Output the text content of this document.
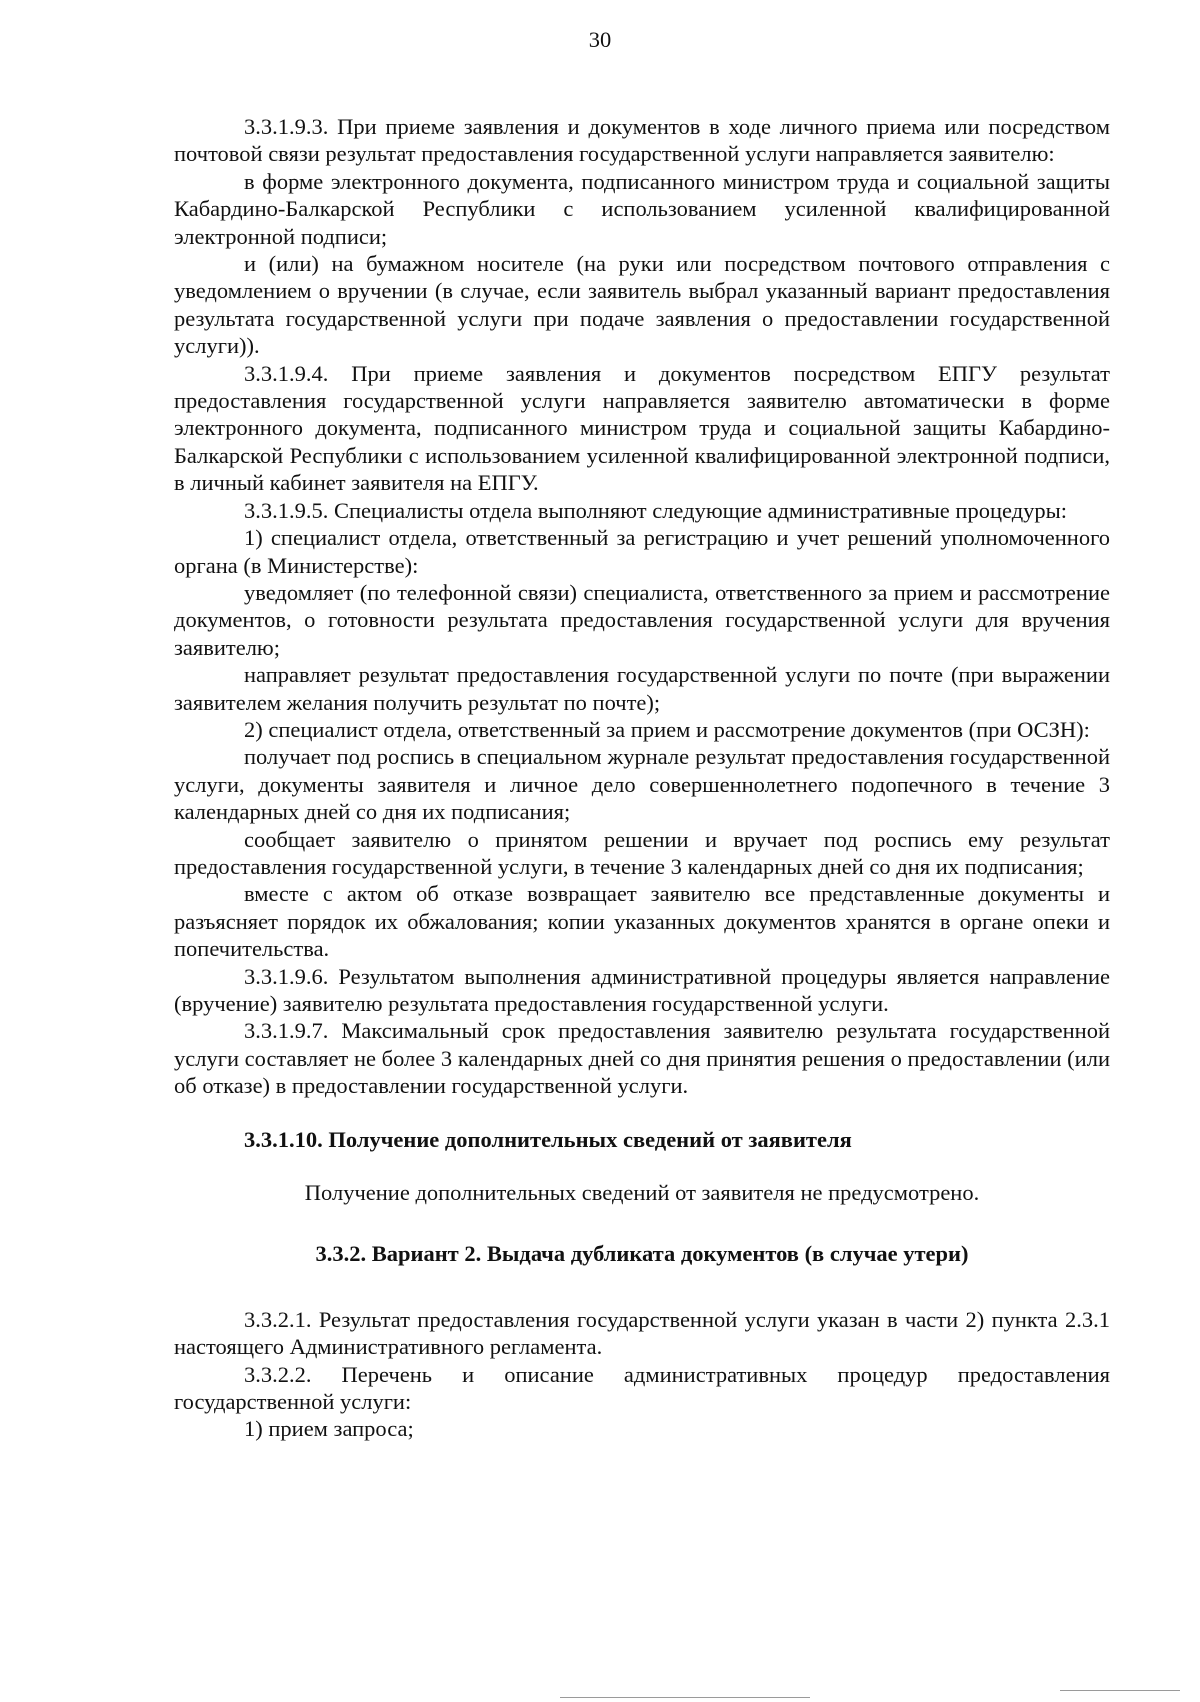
30

3.3.1.9.3. При приеме заявления и документов в ходе личного приема или посредством почтовой связи результат предоставления государственной услуги направляется заявителю:

в форме электронного документа, подписанного министром труда и социальной защиты Кабардино-Балкарской Республики с использованием усиленной квалифицированной электронной подписи;

и (или) на бумажном носителе (на руки или посредством почтового отправления с уведомлением о вручении (в случае, если заявитель выбрал указанный вариант предоставления результата государственной услуги при подаче заявления о предоставлении государственной услуги)).

3.3.1.9.4. При приеме заявления и документов посредством ЕПГУ результат предоставления государственной услуги направляется заявителю автоматически в форме электронного документа, подписанного министром труда и социальной защиты Кабардино-Балкарской Республики с использованием усиленной квалифицированной электронной подписи, в личный кабинет заявителя на ЕПГУ.

3.3.1.9.5. Специалисты отдела выполняют следующие административные процедуры:

1) специалист отдела, ответственный за регистрацию и учет решений уполномоченного органа (в Министерстве):

уведомляет (по телефонной связи) специалиста, ответственного за прием и рассмотрение документов, о готовности результата предоставления государственной услуги для вручения заявителю;

направляет результат предоставления государственной услуги по почте (при выражении заявителем желания получить результат по почте);

2) специалист отдела, ответственный за прием и рассмотрение документов (при ОСЗН):

получает под роспись в специальном журнале результат предоставления государственной услуги, документы заявителя и личное дело совершеннолетнего подопечного в течение 3 календарных дней со дня их подписания;

сообщает заявителю о принятом решении и вручает под роспись ему результат предоставления государственной услуги, в течение 3 календарных дней со дня их подписания;

вместе с актом об отказе возвращает заявителю все представленные документы и разъясняет порядок их обжалования; копии указанных документов хранятся в органе опеки и попечительства.

3.3.1.9.6. Результатом выполнения административной процедуры является направление (вручение) заявителю результата предоставления государственной услуги.

3.3.1.9.7. Максимальный срок предоставления заявителю результата государственной услуги составляет не более 3 календарных дней со дня принятия решения о предоставлении (или об отказе) в предоставлении государственной услуги.

3.3.1.10. Получение дополнительных сведений от заявителя

Получение дополнительных сведений от заявителя не предусмотрено.

3.3.2. Вариант 2. Выдача дубликата документов (в случае утери)

3.3.2.1. Результат предоставления государственной услуги указан в части 2) пункта 2.3.1 настоящего Административного регламента.

3.3.2.2. Перечень и описание административных процедур предоставления государственной услуги:

1) прием запроса;
